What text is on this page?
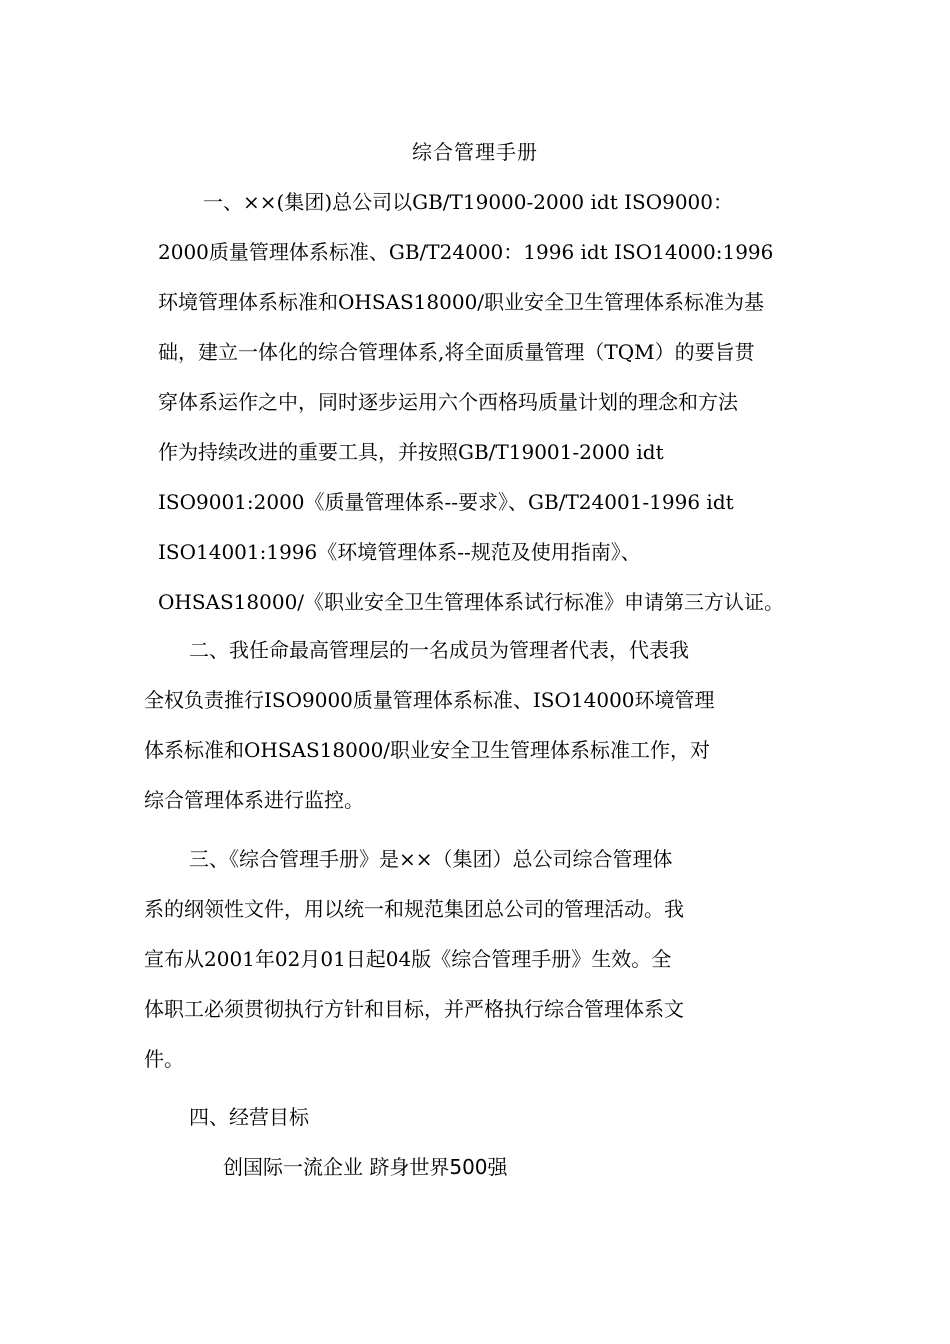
综合管理手册
一、××(集团)总公司以GB/T19000-2000 idt ISO9000：
2000质量管理体系标准、GB/T24000：1996 idt ISO14000:1996
环境管理体系标准和OHSAS18000/职业安全卫生管理体系标准为基
础，建立一体化的综合管理体系,将全面质量管理（TQM）的要旨贯
穿体系运作之中，同时逐步运用六个西格玛质量计划的理念和方法
作为持续改进的重要工具，并按照GB/T19001-2000 idt
ISO9001:2000《质量管理体系--要求》、GB/T24001-1996 idt
ISO14001:1996《环境管理体系--规范及使用指南》、
OHSAS18000/《职业安全卫生管理体系试行标准》申请第三方认证。
二、我任命最高管理层的一名成员为管理者代表，代表我
全权负责推行ISO9000质量管理体系标准、ISO14000环境管理
体系标准和OHSAS18000/职业安全卫生管理体系标准工作，对
综合管理体系进行监控。
三、《综合管理手册》是××（集团）总公司综合管理体
系的纲领性文件，用以统一和规范集团总公司的管理活动。我
宣布从2001年02月01日起04版《综合管理手册》生效。全
体职工必须贯彻执行方针和目标，并严格执行综合管理体系文
件。
四、经营目标
创国际一流企业 跻身世界500强
